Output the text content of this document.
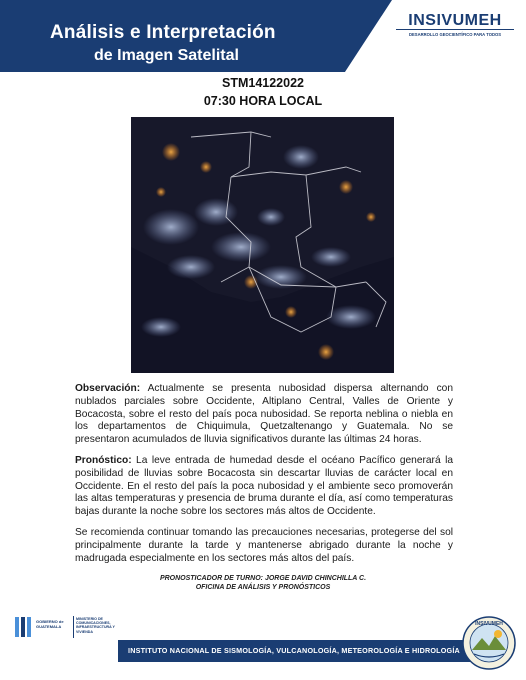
Análisis e Interpretación
de Imagen Satelital
INSIVUMEH
DESARROLLO GEOCIENTÍFICO PARA TODOS
STM14122022
07:30 HORA LOCAL
Observación: Actualmente se presenta nubosidad dispersa alternando con nublados parciales sobre Occidente, Altiplano Central, Valles de Oriente y Bocacosta, sobre el resto del país poca nubosidad. Se reporta neblina o niebla en los departamentos de Chiquimula, Quetzaltenango y Guatemala. No se presentaron acumulados de lluvia significativos durante las últimas 24 horas.
Pronóstico: La leve entrada de humedad desde el océano Pacífico generará la posibilidad de lluvias sobre Bocacosta sin descartar lluvias de carácter local en Occidente. En el resto del país la poca nubosidad y el ambiente seco promoverán las altas temperaturas y presencia de bruma durante el día, así como temperaturas bajas durante la noche sobre los sectores más altos de Occidente.
Se recomienda continuar tomando las precauciones necesarias, protegerse del sol principalmente durante la tarde y mantenerse abrigado durante la noche y madrugada especialmente en los sectores más altos del país.
PRONOSTICADOR DE TURNO: JORGE DAVID CHINCHILLA C.
OFICINA DE ANÁLISIS Y PRONÓSTICOS
GOBIERNO de GUATEMALA
MINISTERIO DE COMUNICACIONES, INFRAESTRUCTURA Y VIVIENDA
INSTITUTO NACIONAL DE SISMOLOGÍA, VULCANOLOGÍA, METEOROLOGÍA E HIDROLOGÍA
INSIVUMEH
